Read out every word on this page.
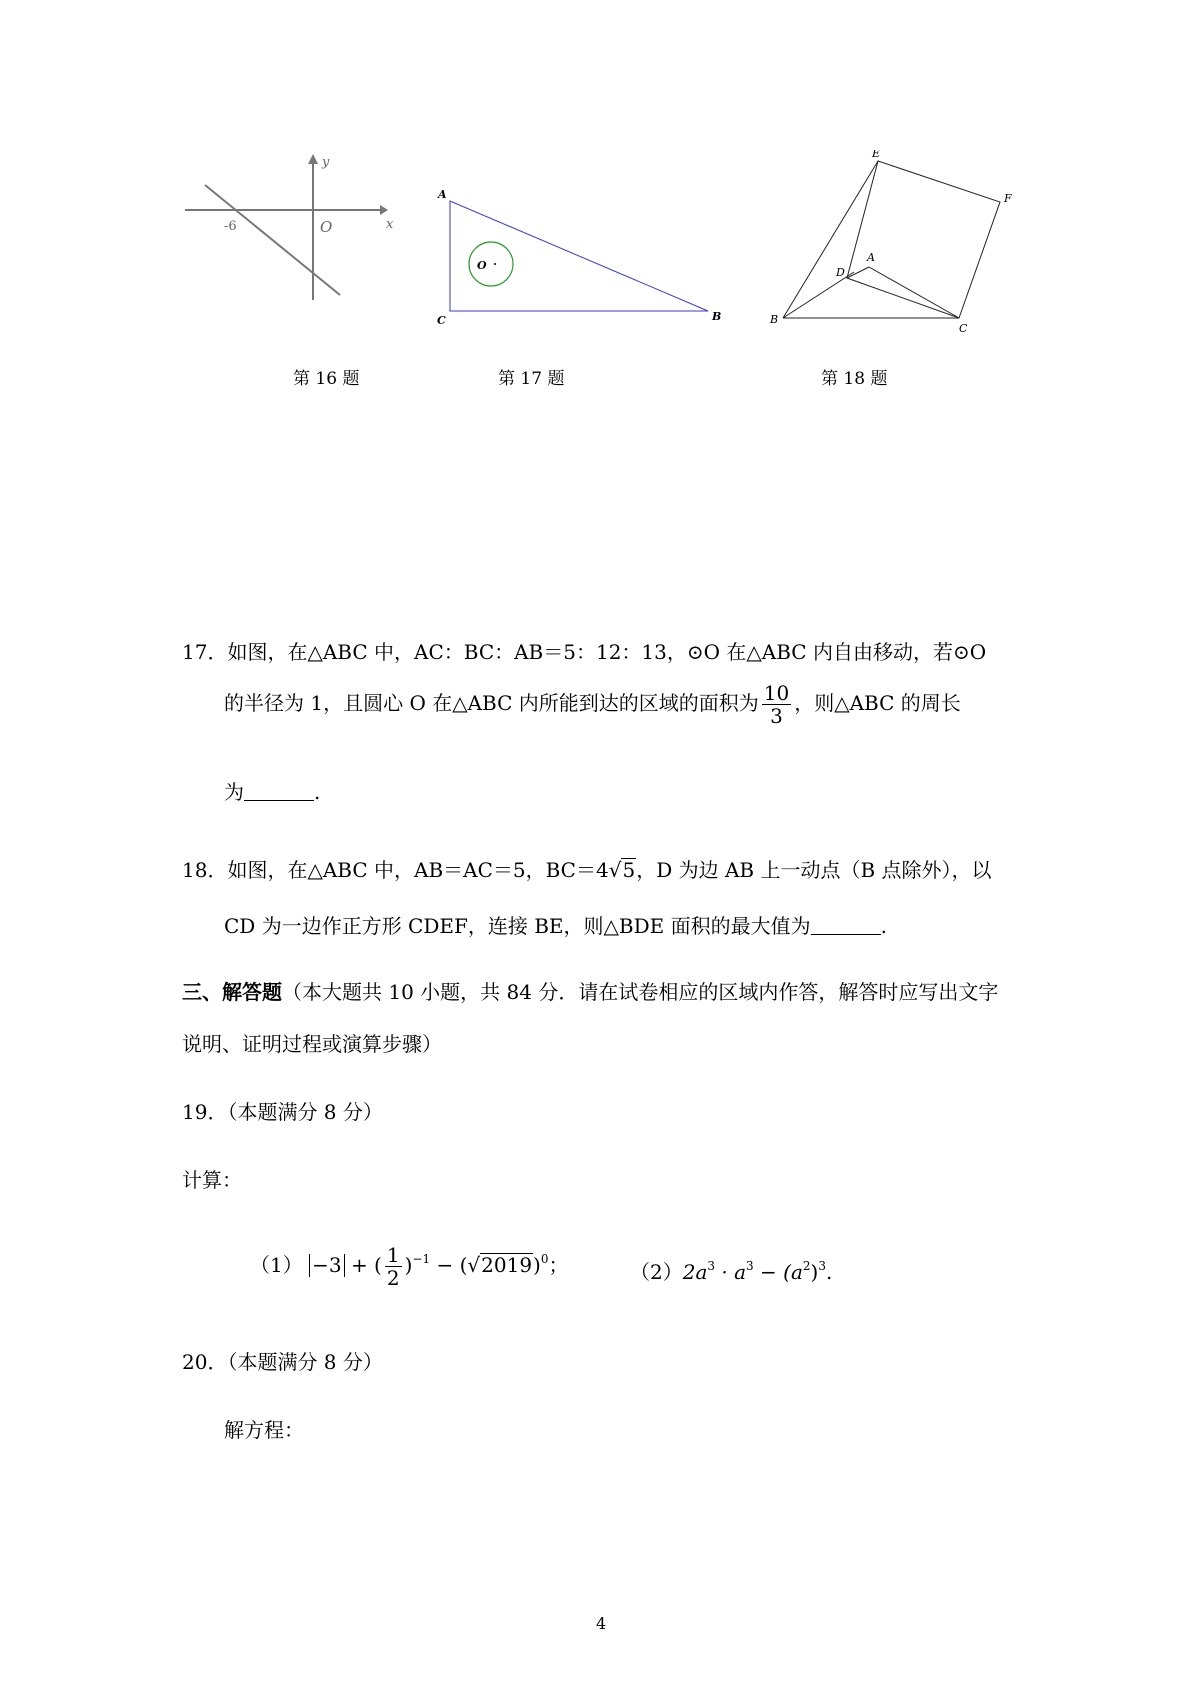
y
x
-6	O
A
C	B
O
E
F
A
D
B
C
第 16 题	第 17 题	第 18 题
17．如图，在△ABC 中，AC：BC：AB＝5：12：13，⊙O 在△ABC 内自由移动，若⊙O
的半径为 1，且圆心 O 在△ABC 内所能到达的区域的面积为 $\frac{10}{3}$ ，则△ABC 的周长
为	.
18．如图，在△ABC 中，AB＝AC＝5，BC＝4√5，D 为边 AB 上一动点（B 点除外），以
CD 为一边作正方形 CDEF，连接 BE，则△BDE 面积的最大值为	.
三、解答题（本大题共 10 小题，共 84 分．请在试卷相应的区域内作答，解答时应写出文字
说明、证明过程或演算步骤）
19．（本题满分 8 分）
计算：
（1） −3 + ( $\frac{1}{2} )^{-1} - (√2019)^0$；	$(2)2a^3 \cdot a^3 - (a^2)^3$.
20．（本题满分 8 分）
解方程：
4
